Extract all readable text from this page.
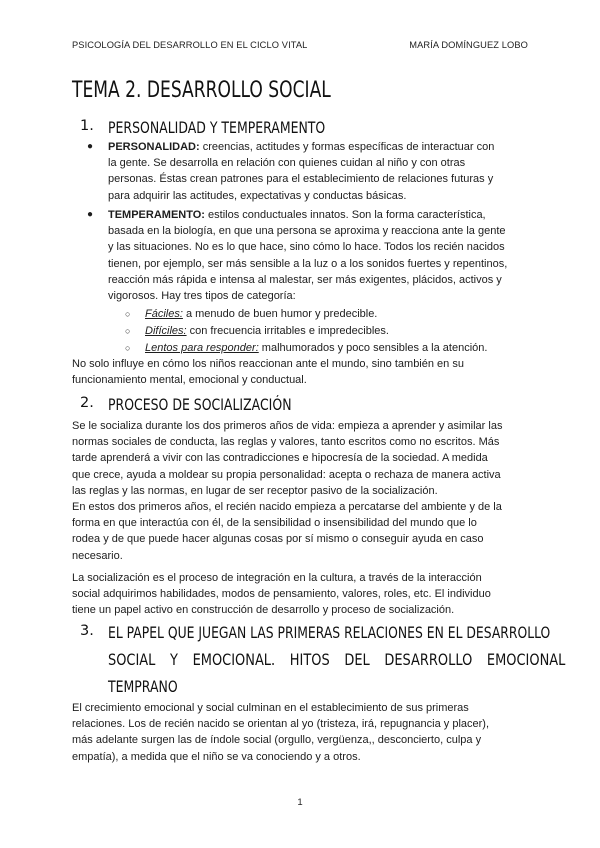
PSICOLOGÍA DEL DESARROLLO EN EL CICLO VITAL	MARÍA DOMÍNGUEZ LOBO
TEMA 2. DESARROLLO SOCIAL
1. PERSONALIDAD Y TEMPERAMENTO
● PERSONALIDAD: creencias, actitudes y formas específicas de interactuar con
la gente. Se desarrolla en relación con quienes cuidan al niño y con otras
personas. Éstas crean patrones para el establecimiento de relaciones futuras y
para adquirir las actitudes, expectativas y conductas básicas.
● TEMPERAMENTO: estilos conductuales innatos. Son la forma característica,
basada en la biología, en que una persona se aproxima y reacciona ante la gente
y las situaciones. No es lo que hace, sino cómo lo hace. Todos los recién nacidos
tienen, por ejemplo, ser más sensible a la luz o a los sonidos fuertes y repentinos,
reacción más rápida e intensa al malestar, ser más exigentes, plácidos, activos y
vigorosos. Hay tres tipos de categoría:
○ Fáciles: a menudo de buen humor y predecible.
○ Difíciles: con frecuencia irritables e impredecibles.
○ Lentos para responder: malhumorados y poco sensibles a la atención.
No solo influye en cómo los niños reaccionan ante el mundo, sino también en su
funcionamiento mental, emocional y conductual.
2. PROCESO DE SOCIALIZACIÓN
Se le socializa durante los dos primeros años de vida: empieza a aprender y asimilar las
normas sociales de conducta, las reglas y valores, tanto escritos como no escritos. Más
tarde aprenderá a vivir con las contradicciones e hipocresía de la sociedad. A medida
que crece, ayuda a moldear su propia personalidad: acepta o rechaza de manera activa
las reglas y las normas, en lugar de ser receptor pasivo de la socialización.
En estos dos primeros años, el recién nacido empieza a percatarse del ambiente y de la
forma en que interactúa con él, de la sensibilidad o insensibilidad del mundo que lo
rodea y de que puede hacer algunas cosas por sí mismo o conseguir ayuda en caso
necesario.
La socialización es el proceso de integración en la cultura, a través de la interacción
social adquirimos habilidades, modos de pensamiento, valores, roles, etc. El individuo
tiene un papel activo en construcción de desarrollo y proceso de socialización.
3. EL PAPEL QUE JUEGAN LAS PRIMERAS RELACIONES EN EL DESARROLLO
SOCIAL Y EMOCIONAL. HITOS DEL DESARROLLO EMOCIONAL
TEMPRANO
El crecimiento emocional y social culminan en el establecimiento de sus primeras
relaciones. Los de recién nacido se orientan al yo (tristeza, irá, repugnancia y placer),
más adelante surgen las de índole social (orgullo, vergüenza,, desconcierto, culpa y
empatía), a medida que el niño se va conociendo y a otros.
1
